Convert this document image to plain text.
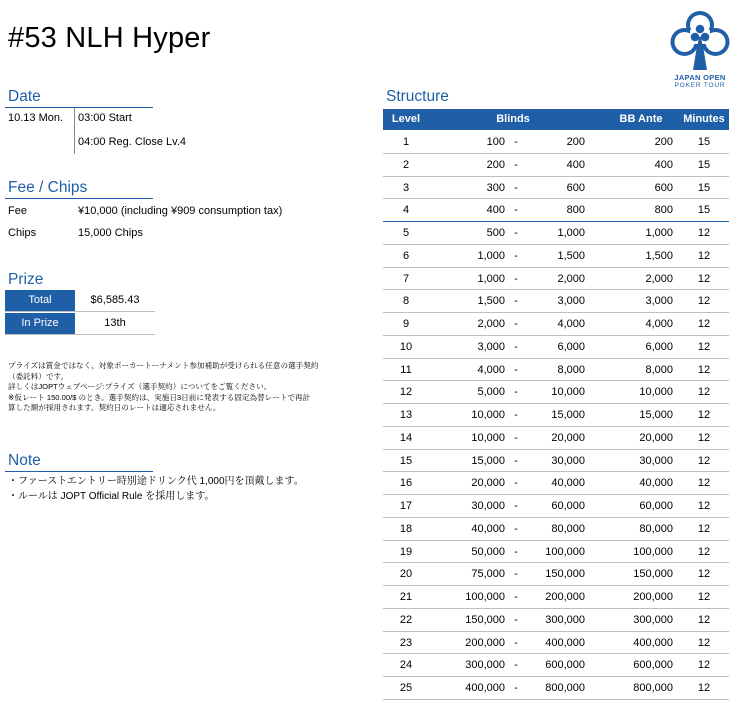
#53 NLH Hyper
JAPAN OPEN
POKER TOUR
Date
10.13 Mon. 03:00 Start
04:00 Reg. Close Lv.4
Fee / Chips
Fee	¥10,000 (including ¥909 consumption tax)
Chips	15,000 Chips
Prize
Total	$6,585.43
In Prize	13th
プライズは賞金ではなく、対象ポーカートーナメント参加補助が受けられる任意の選手契約
（委託料）です。
詳しくはJOPTウェブページ:プライズ（選手契約）についてをご覧ください。
※仮レート 150.00/$ のとき。選手契約は、実施日3日前に発表する固定為替レートで再計
算した額が採用されます。契約日のレートは適応されません。
Note
・ファーストエントリー時別途ドリンク代 1,000円を頂戴します。
・ルールは JOPT Official Rule を採用します。
Structure
Level	Blinds	BB Ante	Minutes
1	100 -	200	200	15
2	200 -	400	400	15
3	300 -	600	600	15
4	400 -	800	800	15
5	500 -	1,000	1,000	12
6	1,000 -	1,500	1,500	12
7	1,000 -	2,000	2,000	12
8	1,500 -	3,000	3,000	12
9	2,000 -	4,000	4,000	12
10	3,000 -	6,000	6,000	12
11	4,000 -	8,000	8,000	12
12	5,000 -	10,000	10,000	12
13	10,000 -	15,000	15,000	12
14	10,000 -	20,000	20,000	12
15	15,000 -	30,000	30,000	12
16	20,000 -	40,000	40,000	12
17	30,000 -	60,000	60,000	12
18	40,000 -	80,000	80,000	12
19	50,000 -	100,000	100,000	12
20	75,000 -	150,000	150,000	12
21	100,000 -	200,000	200,000	12
22	150,000 -	300,000	300,000	12
23	200,000 -	400,000	400,000	12
24	300,000 -	600,000	600,000	12
25	400,000 -	800,000	800,000	12
